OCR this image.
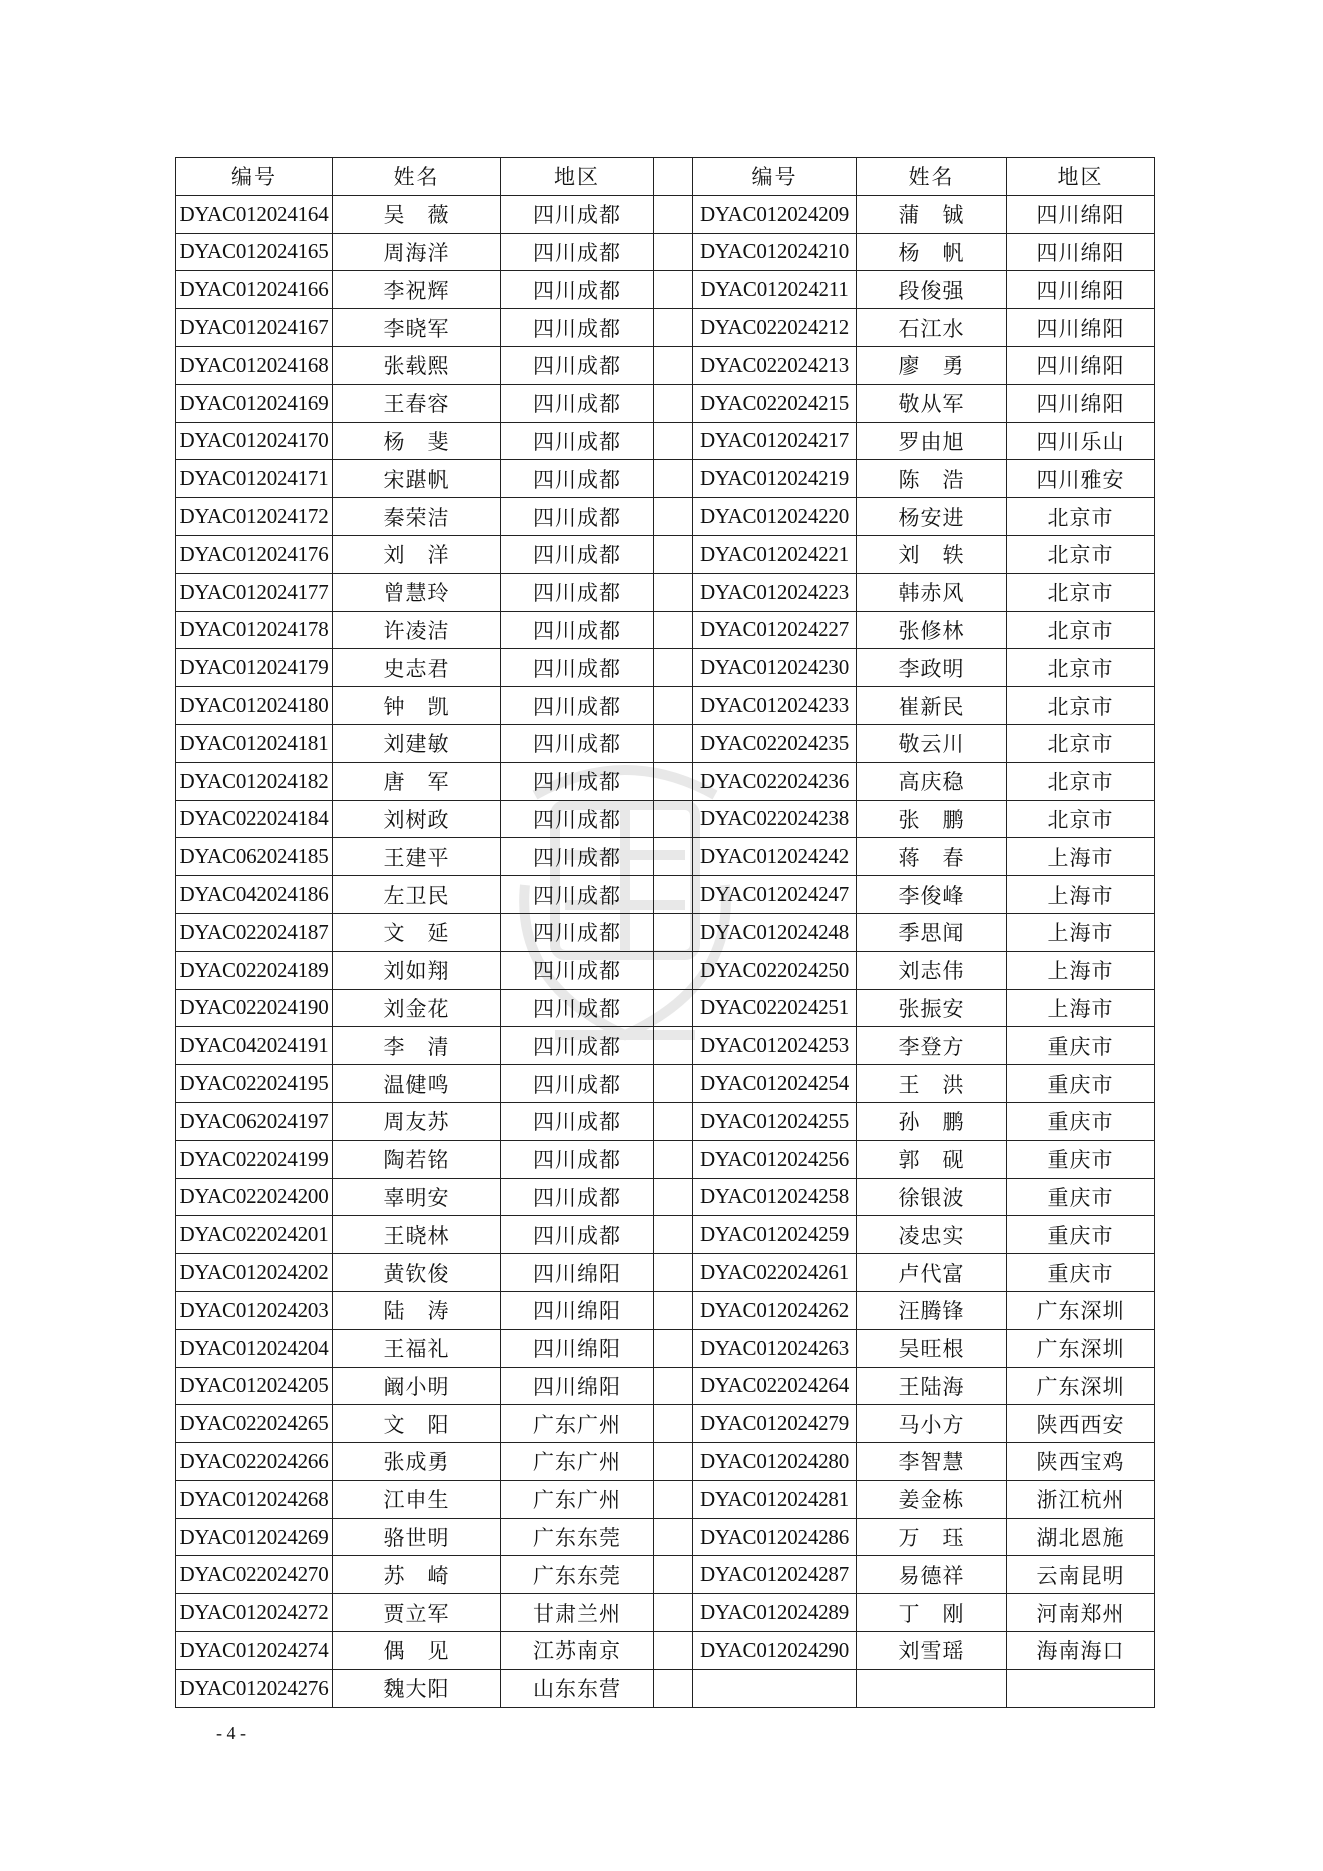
编号	姓名	地区		编号	姓名	地区
DYAC012024164	吴　薇	四川成都		DYAC012024209	蒲　铖	四川绵阳
DYAC012024165	周海洋	四川成都		DYAC012024210	杨　帆	四川绵阳
DYAC012024166	李祝辉	四川成都		DYAC012024211	段俊强	四川绵阳
DYAC012024167	李晓军	四川成都		DYAC022024212	石江水	四川绵阳
DYAC012024168	张载熙	四川成都		DYAC022024213	廖　勇	四川绵阳
DYAC012024169	王春容	四川成都		DYAC022024215	敬从军	四川绵阳
DYAC012024170	杨　斐	四川成都		DYAC012024217	罗由旭	四川乐山
DYAC012024171	宋踸帆	四川成都		DYAC012024219	陈　浩	四川雅安
DYAC012024172	秦荣洁	四川成都		DYAC012024220	杨安进	北京市
DYAC012024176	刘　洋	四川成都		DYAC012024221	刘　轶	北京市
DYAC012024177	曾慧玲	四川成都		DYAC012024223	韩赤风	北京市
DYAC012024178	许凌洁	四川成都		DYAC012024227	张修林	北京市
DYAC012024179	史志君	四川成都		DYAC012024230	李政明	北京市
DYAC012024180	钟　凯	四川成都		DYAC012024233	崔新民	北京市
DYAC012024181	刘建敏	四川成都		DYAC022024235	敬云川	北京市
DYAC012024182	唐　军	四川成都		DYAC022024236	高庆稳	北京市
DYAC022024184	刘树政	四川成都		DYAC022024238	张　鹏	北京市
DYAC062024185	王建平	四川成都		DYAC012024242	蒋　春	上海市
DYAC042024186	左卫民	四川成都		DYAC012024247	李俊峰	上海市
DYAC022024187	文　延	四川成都		DYAC012024248	季思闻	上海市
DYAC022024189	刘如翔	四川成都		DYAC022024250	刘志伟	上海市
DYAC022024190	刘金花	四川成都		DYAC022024251	张振安	上海市
DYAC042024191	李　清	四川成都		DYAC012024253	李登方	重庆市
DYAC022024195	温健鸣	四川成都		DYAC012024254	王　洪	重庆市
DYAC062024197	周友苏	四川成都		DYAC012024255	孙　鹏	重庆市
DYAC022024199	陶若铭	四川成都		DYAC012024256	郭　砚	重庆市
DYAC022024200	辜明安	四川成都		DYAC012024258	徐银波	重庆市
DYAC022024201	王晓林	四川成都		DYAC012024259	凌忠实	重庆市
DYAC012024202	黄钦俊	四川绵阳		DYAC022024261	卢代富	重庆市
DYAC012024203	陆　涛	四川绵阳		DYAC012024262	汪腾锋	广东深圳
DYAC012024204	王福礼	四川绵阳		DYAC012024263	吴旺根	广东深圳
DYAC012024205	阚小明	四川绵阳		DYAC022024264	王陆海	广东深圳
DYAC022024265	文　阳	广东广州		DYAC012024279	马小方	陕西西安
DYAC022024266	张成勇	广东广州		DYAC012024280	李智慧	陕西宝鸡
DYAC012024268	江申生	广东广州		DYAC012024281	姜金栋	浙江杭州
DYAC012024269	骆世明	广东东莞		DYAC012024286	万　珏	湖北恩施
DYAC022024270	苏　崎	广东东莞		DYAC012024287	易德祥	云南昆明
DYAC012024272	贾立军	甘肃兰州		DYAC012024289	丁　刚	河南郑州
DYAC012024274	偶　见	江苏南京		DYAC012024290	刘雪瑶	海南海口
DYAC012024276	魏大阳	山东东营				
- 4 -
